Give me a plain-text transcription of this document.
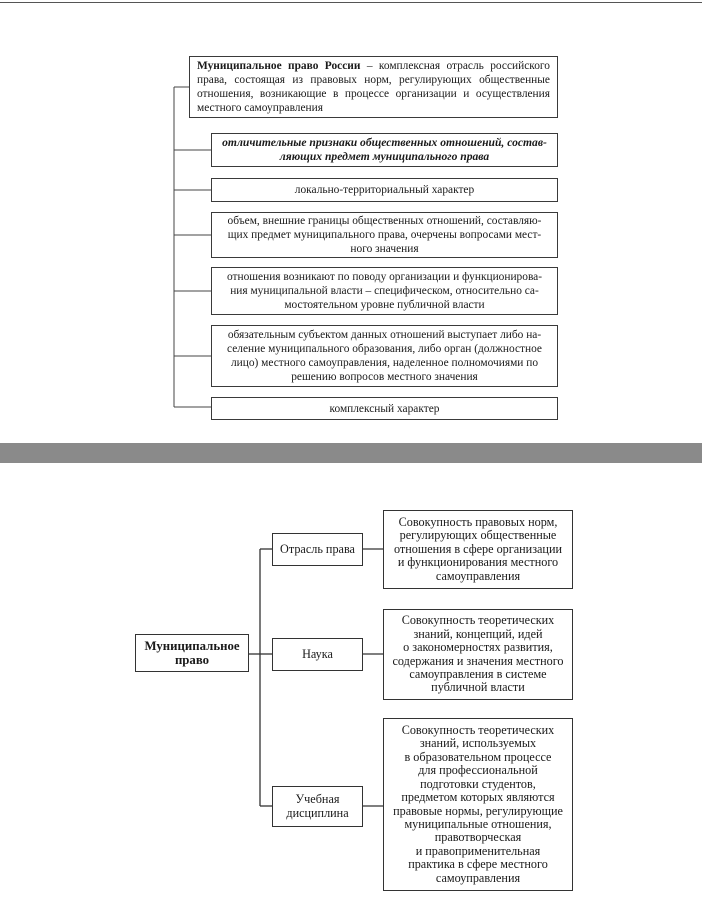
Муниципальное право России – комплексная отрасль российского права, состоящая из правовых норм, регулирующих общественные отношения, возникающие в процессе организации и осуществления местного самоуправления
отличительные признаки общественных отношений, состав-
ляющих предмет муниципального права
локально-территориальный характер
объем, внешние границы общественных отношений, составляю-
щих предмет муниципального права, очерчены вопросами мест-
ного значения
отношения возникают по поводу организации и функционирова-
ния муниципальной власти – специфическом, относительно са-
мостоятельном уровне публичной власти
обязательным субъектом данных отношений выступает либо на-
селение муниципального образования, либо орган (должностное
лицо) местного самоуправления, наделенное полномочиями по
решению вопросов местного значения
комплексный характер
Муниципальное
право
Отрасль права
Наука
Учебная
дисциплина
Совокупность правовых норм,
регулирующих общественные
отношения в сфере организации
и функционирования местного
самоуправления
Совокупность теоретических
знаний, концепций, идей
о закономерностях развития,
содержания и значения местного
самоуправления в системе
публичной власти
Совокупность теоретических
знаний, используемых
в образовательном процессе
для профессиональной
подготовки студентов,
предметом которых являются
правовые нормы, регулирующие
муниципальные отношения,
правотворческая
и правоприменительная
практика в сфере местного
самоуправления
